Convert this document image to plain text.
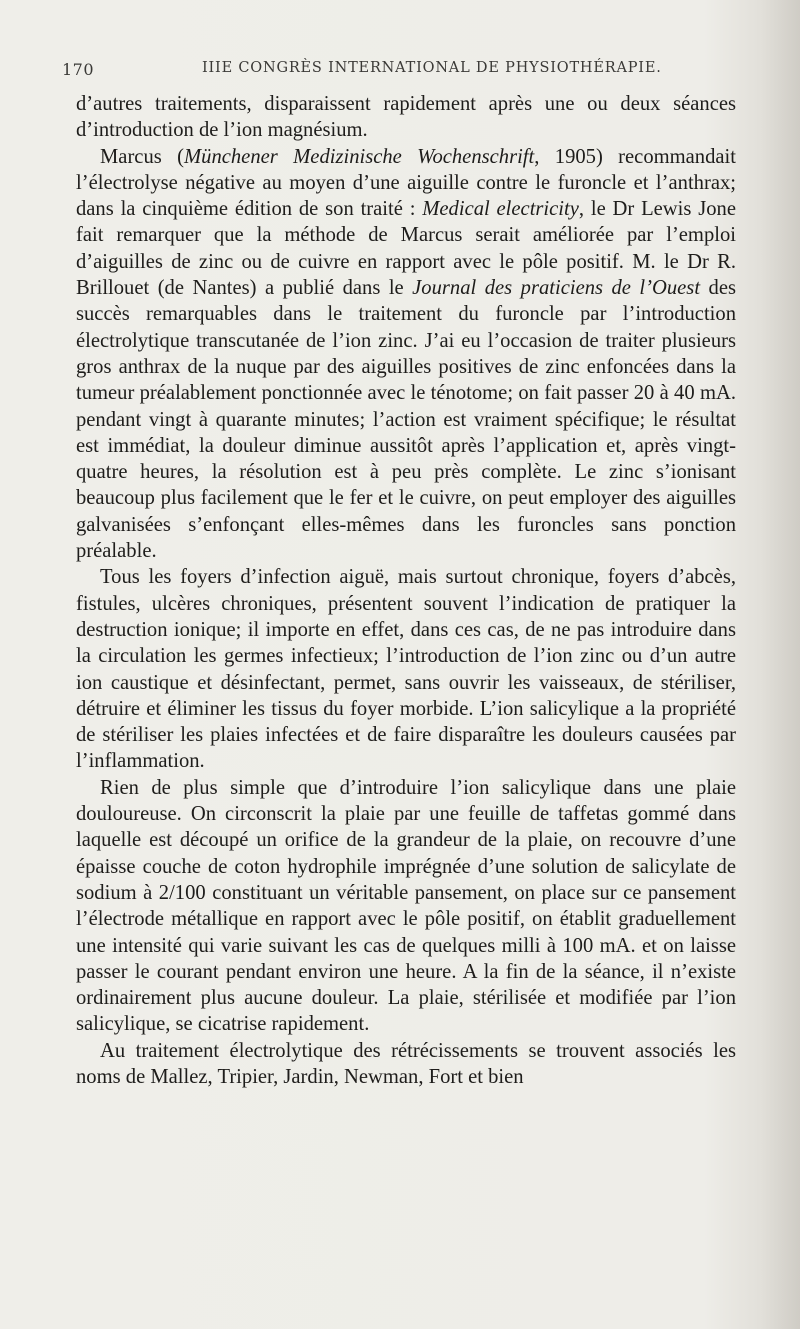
170	IIIE CONGRÈS INTERNATIONAL DE PHYSIOTHÉRAPIE.

d’autres traitements, disparaissent rapidement après une ou deux séances d’introduction de l’ion magnésium.

Marcus (Münchener Medizinische Wochenschrift, 1905) recommandait l’électrolyse négative au moyen d’une aiguille contre le furoncle et l’anthrax; dans la cinquième édition de son traité : Medical electricity, le Dr Lewis Jone fait remarquer que la méthode de Marcus serait améliorée par l’emploi d’aiguilles de zinc ou de cuivre en rapport avec le pôle positif. M. le Dr R. Brillouet (de Nantes) a publié dans le Journal des praticiens de l’Ouest des succès remarquables dans le traitement du furoncle par l’introduction électrolytique transcutanée de l’ion zinc. J’ai eu l’occasion de traiter plusieurs gros anthrax de la nuque par des aiguilles positives de zinc enfoncées dans la tumeur préalablement ponctionnée avec le ténotome; on fait passer 20 à 40 mA. pendant vingt à quarante minutes; l’action est vraiment spécifique; le résultat est immédiat, la douleur diminue aussitôt après l’application et, après vingt-quatre heures, la résolution est à peu près complète. Le zinc s’ionisant beaucoup plus facilement que le fer et le cuivre, on peut employer des aiguilles galvanisées s’enfonçant elles-mêmes dans les furoncles sans ponction préalable.

Tous les foyers d’infection aiguë, mais surtout chronique, foyers d’abcès, fistules, ulcères chroniques, présentent souvent l’indication de pratiquer la destruction ionique; il importe en effet, dans ces cas, de ne pas introduire dans la circulation les germes infectieux; l’introduction de l’ion zinc ou d’un autre ion caustique et désinfectant, permet, sans ouvrir les vaisseaux, de stériliser, détruire et éliminer les tissus du foyer morbide. L’ion salicylique a la propriété de stériliser les plaies infectées et de faire disparaître les douleurs causées par l’inflammation.

Rien de plus simple que d’introduire l’ion salicylique dans une plaie douloureuse. On circonscrit la plaie par une feuille de taffetas gommé dans laquelle est découpé un orifice de la grandeur de la plaie, on recouvre d’une épaisse couche de coton hydrophile imprégnée d’une solution de salicylate de sodium à 2/100 constituant un véritable pansement, on place sur ce pansement l’électrode métallique en rapport avec le pôle positif, on établit graduellement une intensité qui varie suivant les cas de quelques milli à 100 mA. et on laisse passer le courant pendant environ une heure. A la fin de la séance, il n’existe ordinairement plus aucune douleur. La plaie, stérilisée et modifiée par l’ion salicylique, se cicatrise rapidement.

Au traitement électrolytique des rétrécissements se trouvent associés les noms de Mallez, Tripier, Jardin, Newman, Fort et bien
